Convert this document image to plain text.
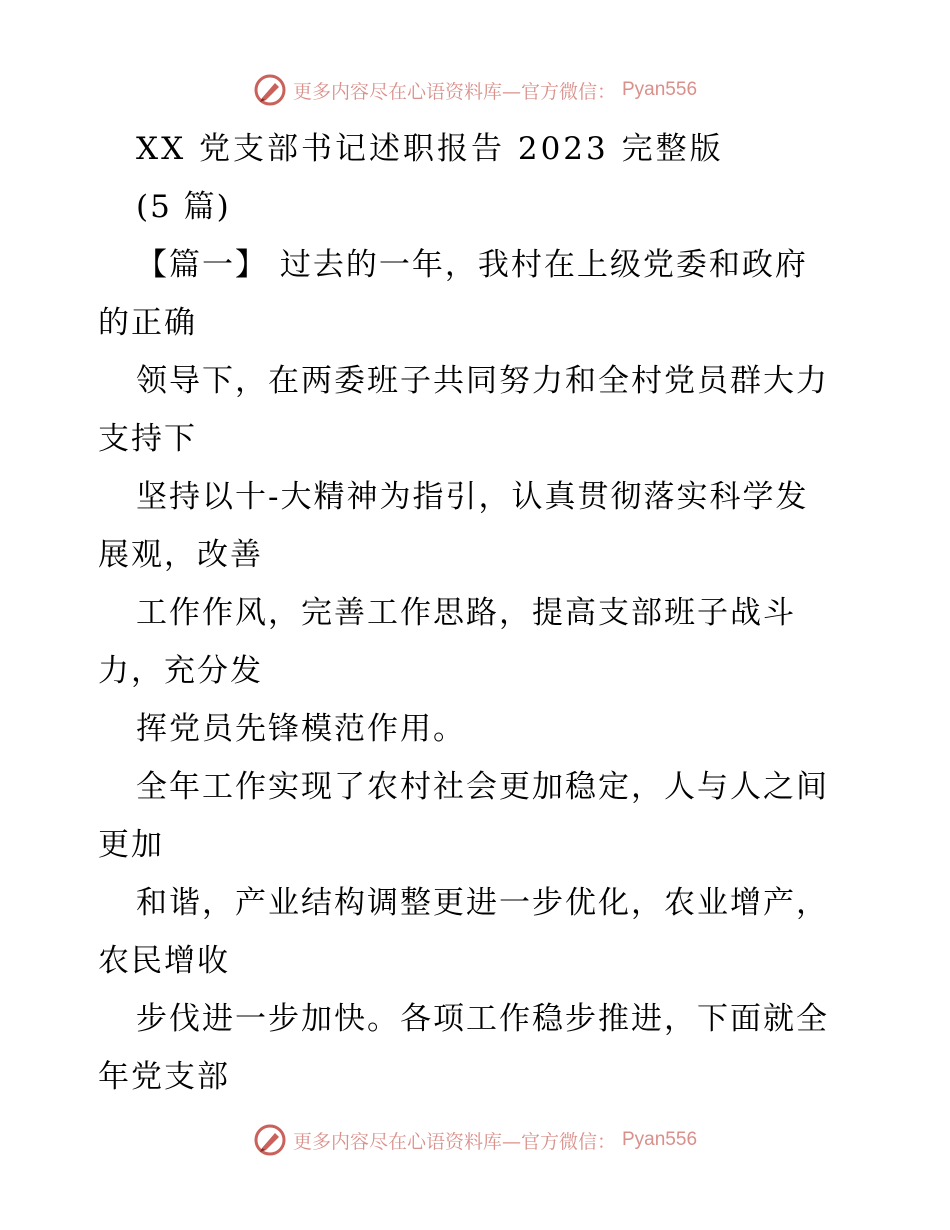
更多内容尽在心语资料库—官方微信： Pyan556
XX 党支部书记述职报告 2023 完整版
(5 篇)
【篇一】 过去的一年，我村在上级党委和政府
的正确
领导下，在两委班子共同努力和全村党员群大力
支持下
坚持以十-大精神为指引，认真贯彻落实科学发
展观，改善
工作作风，完善工作思路，提高支部班子战斗
力，充分发
挥党员先锋模范作用。
全年工作实现了农村社会更加稳定，人与人之间
更加
和谐，产业结构调整更进一步优化，农业增产，
农民增收
步伐进一步加快。各项工作稳步推进，下面就全
年党支部
更多内容尽在心语资料库—官方微信： Pyan556
